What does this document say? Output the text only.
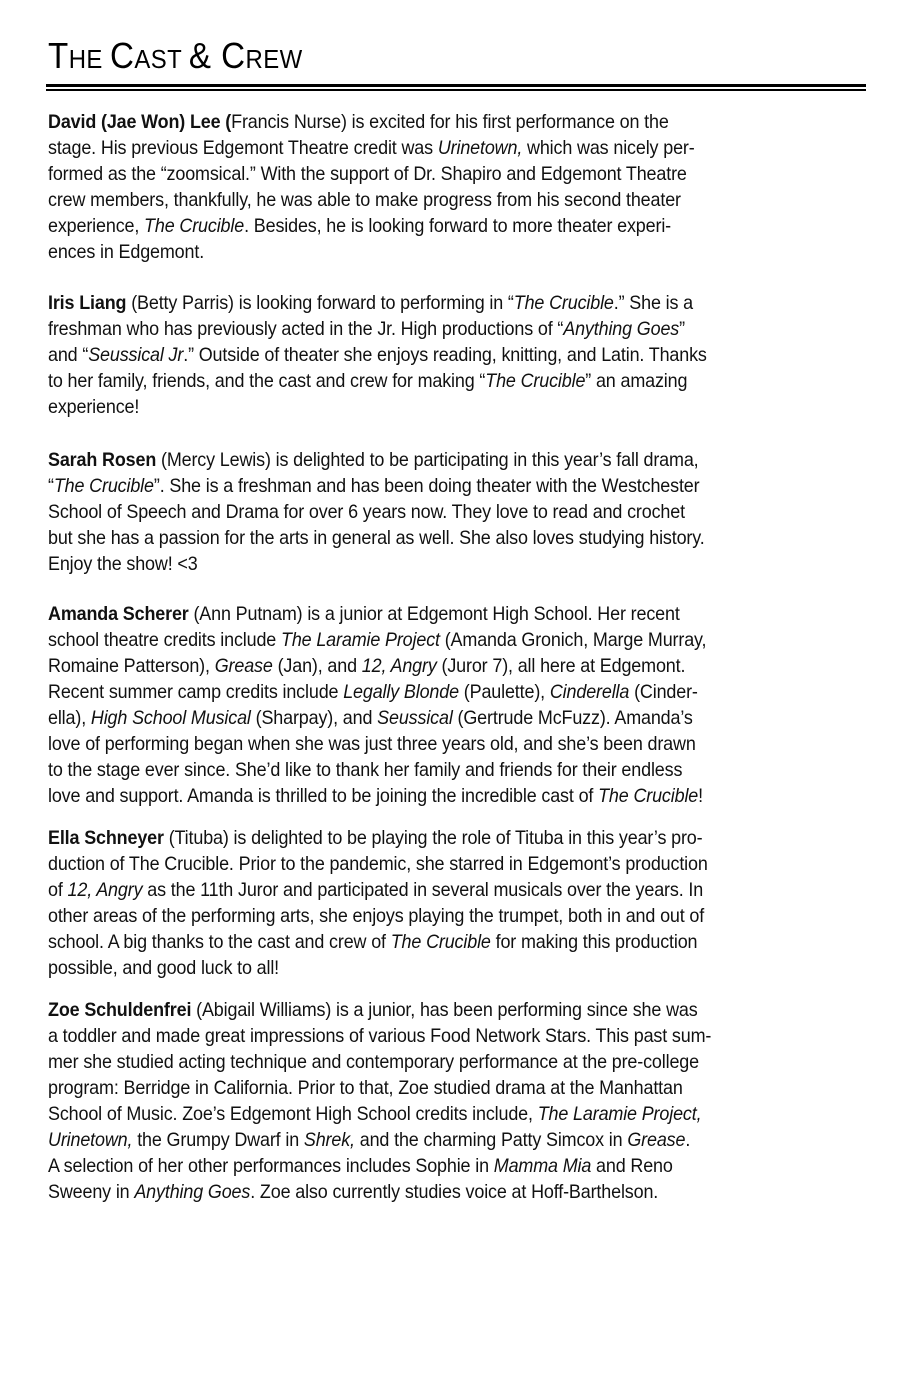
THE CAST & CREW
David (Jae Won) Lee (Francis Nurse) is excited for his first performance on the
stage. His previous Edgemont Theatre credit was Urinetown, which was nicely per-
formed as the “zoomsical.” With the support of Dr. Shapiro and Edgemont Theatre
crew members, thankfully, he was able to make progress from his second theater
experience, The Crucible. Besides, he is looking forward to more theater experi-
ences in Edgemont.
Iris Liang (Betty Parris) is looking forward to performing in “The Crucible.” She is a
freshman who has previously acted in the Jr. High productions of “Anything Goes”
and “Seussical Jr.” Outside of theater she enjoys reading, knitting, and Latin. Thanks
to her family, friends, and the cast and crew for making “The Crucible” an amazing
experience!
Sarah Rosen (Mercy Lewis) is delighted to be participating in this year’s fall drama,
“The Crucible”. She is a freshman and has been doing theater with the Westchester
School of Speech and Drama for over 6 years now. They love to read and crochet
but she has a passion for the arts in general as well. She also loves studying history.
Enjoy the show! <3
Amanda Scherer (Ann Putnam) is a junior at Edgemont High School. Her recent
school theatre credits include The Laramie Project (Amanda Gronich, Marge Murray,
Romaine Patterson), Grease (Jan), and 12, Angry (Juror 7), all here at Edgemont.
Recent summer camp credits include Legally Blonde (Paulette), Cinderella (Cinder-
ella), High School Musical (Sharpay), and Seussical (Gertrude McFuzz). Amanda’s
love of performing began when she was just three years old, and she’s been drawn
to the stage ever since. She’d like to thank her family and friends for their endless
love and support. Amanda is thrilled to be joining the incredible cast of The Crucible!
Ella Schneyer (Tituba) is delighted to be playing the role of Tituba in this year’s pro-
duction of The Crucible. Prior to the pandemic, she starred in Edgemont’s production
of 12, Angry as the 11th Juror and participated in several musicals over the years. In
other areas of the performing arts, she enjoys playing the trumpet, both in and out of
school. A big thanks to the cast and crew of The Crucible for making this production
possible, and good luck to all!
Zoe Schuldenfrei (Abigail Williams) is a junior, has been performing since she was
a toddler and made great impressions of various Food Network Stars. This past sum-
mer she studied acting technique and contemporary performance at the pre-college
program: Berridge in California. Prior to that, Zoe studied drama at the Manhattan
School of Music. Zoe’s Edgemont High School credits include, The Laramie Project,
Urinetown, the Grumpy Dwarf in Shrek, and the charming Patty Simcox in Grease.
A selection of her other performances includes Sophie in Mamma Mia and Reno
Sweeny in Anything Goes. Zoe also currently studies voice at Hoff-Barthelson.
